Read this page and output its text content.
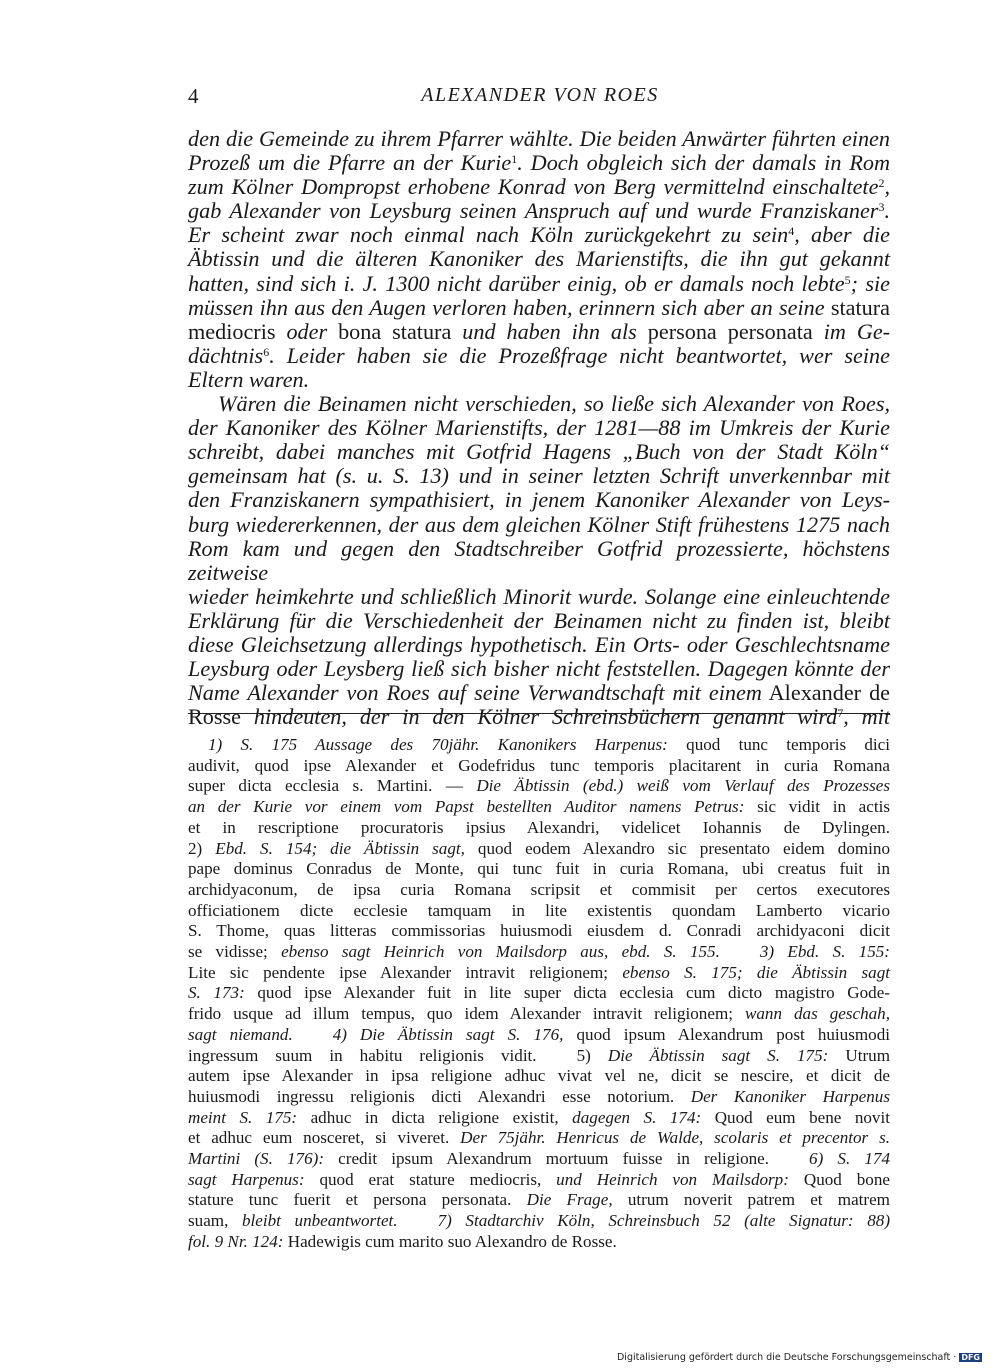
4	ALEXANDER VON ROES

den die Gemeinde zu ihrem Pfarrer wählte. Die beiden Anwärter führten einen

Prozeß um die Pfarre an der Kurie$^1$. Doch obgleich sich der damals in Rom

zum Kölner Dompropst erhobene Konrad von Berg vermittelnd einschaltete$^2$,

gab Alexander von Leysburg seinen Anspruch auf und wurde Franziskaner$^3$.

Er scheint zwar noch einmal nach Köln zurückgekehrt zu sein$^4$, aber die

Äbtissin und die älteren Kanoniker des Marienstifts, die ihn gut gekannt

hatten, sind sich i. J. 1300 nicht darüber einig, ob er damals noch lebte$^5$; sie

müssen ihn aus den Augen verloren haben, erinnern sich aber an seine statura

mediocris oder bona statura und haben ihn als persona personata im Ge-

dächtnis$^6$. Leider haben sie die Prozeßfrage nicht beantwortet, wer seine

Eltern waren.

Wären die Beinamen nicht verschieden, so ließe sich Alexander von Roes,

der Kanoniker des Kölner Marienstifts, der 1281—88 im Umkreis der Kurie

schreibt, dabei manches mit Gotfrid Hagens „Buch von der Stadt Köln“

gemeinsam hat (s. u. S. 13) und in seiner letzten Schrift unverkennbar mit

den Franziskanern sympathisiert, in jenem Kanoniker Alexander von Leys-

burg wiedererkennen, der aus dem gleichen Kölner Stift frühestens 1275 nach

Rom kam und gegen den Stadtschreiber Gotfrid prozessierte, höchstens zeitweise

wieder heimkehrte und schließlich Minorit wurde. Solange eine einleuchtende

Erklärung für die Verschiedenheit der Beinamen nicht zu finden ist, bleibt

diese Gleichsetzung allerdings hypothetisch. Ein Orts- oder Geschlechtsname

Leysburg oder Leysberg ließ sich bisher nicht feststellen. Dagegen könnte der

Name Alexander von Roes auf seine Verwandtschaft mit einem Alexander de

Rosse hindeuten, der in den Kölner Schreinsbüchern genannt wird$^7$, mit

1) S. 175 Aussage des 70jähr. Kanonikers Harpenus: quod tunc temporis dici

audivit, quod ipse Alexander et Godefridus tunc temporis placitarent in curia Romana

super dicta ecclesia s. Martini. — Die Äbtissin (ebd.) weiß vom Verlauf des Prozesses

an der Kurie vor einem vom Papst bestellten Auditor namens Petrus: sic vidit in actis

et in rescriptione procuratoris ipsius Alexandri, videlicet Iohannis de Dylingen.

2) Ebd. S. 154; die Äbtissin sagt, quod eodem Alexandro sic presentato eidem domino

pape dominus Conradus de Monte, qui tunc fuit in curia Romana, ubi creatus fuit in

archidyaconum, de ipsa curia Romana scripsit et commisit per certos executores

officiationem dicte ecclesie tamquam in lite existentis quondam Lamberto vicario

S. Thome, quas litteras commissorias huiusmodi eiusdem d. Conradi archidyaconi dicit

se vidisse; ebenso sagt Heinrich von Mailsdorp aus, ebd. S. 155. 3) Ebd. S. 155:

Lite sic pendente ipse Alexander intravit religionem; ebenso S. 175; die Äbtissin sagt

S. 173: quod ipse Alexander fuit in lite super dicta ecclesia cum dicto magistro Gode-

frido usque ad illum tempus, quo idem Alexander intravit religionem; wann das geschah,

sagt niemand. 4) Die Äbtissin sagt S. 176, quod ipsum Alexandrum post huiusmodi

ingressum suum in habitu religionis vidit. 5) Die Äbtissin sagt S. 175: Utrum

autem ipse Alexander in ipsa religione adhuc vivat vel ne, dicit se nescire, et dicit de

huiusmodi ingressu religionis dicti Alexandri esse notorium. Der Kanoniker Harpenus

meint S. 175: adhuc in dicta religione existit, dagegen S. 174: Quod eum bene novit

et adhuc eum nosceret, si viveret. Der 75jähr. Henricus de Walde, scolaris et precentor s.

Martini (S. 176): credit ipsum Alexandrum mortuum fuisse in religione. 6) S. 174

sagt Harpenus: quod erat stature mediocris, und Heinrich von Mailsdorp: Quod bone

stature tunc fuerit et persona personata. Die Frage, utrum noverit patrem et matrem

suam, bleibt unbeantwortet. 7) Stadtarchiv Köln, Schreinsbuch 52 (alte Signatur: 88)

fol. 9 Nr. 124: Hadewigis cum marito suo Alexandro de Rosse.

Digitalisierung gefördert durch die Deutsche Forschungsgemeinschaft · DFG
